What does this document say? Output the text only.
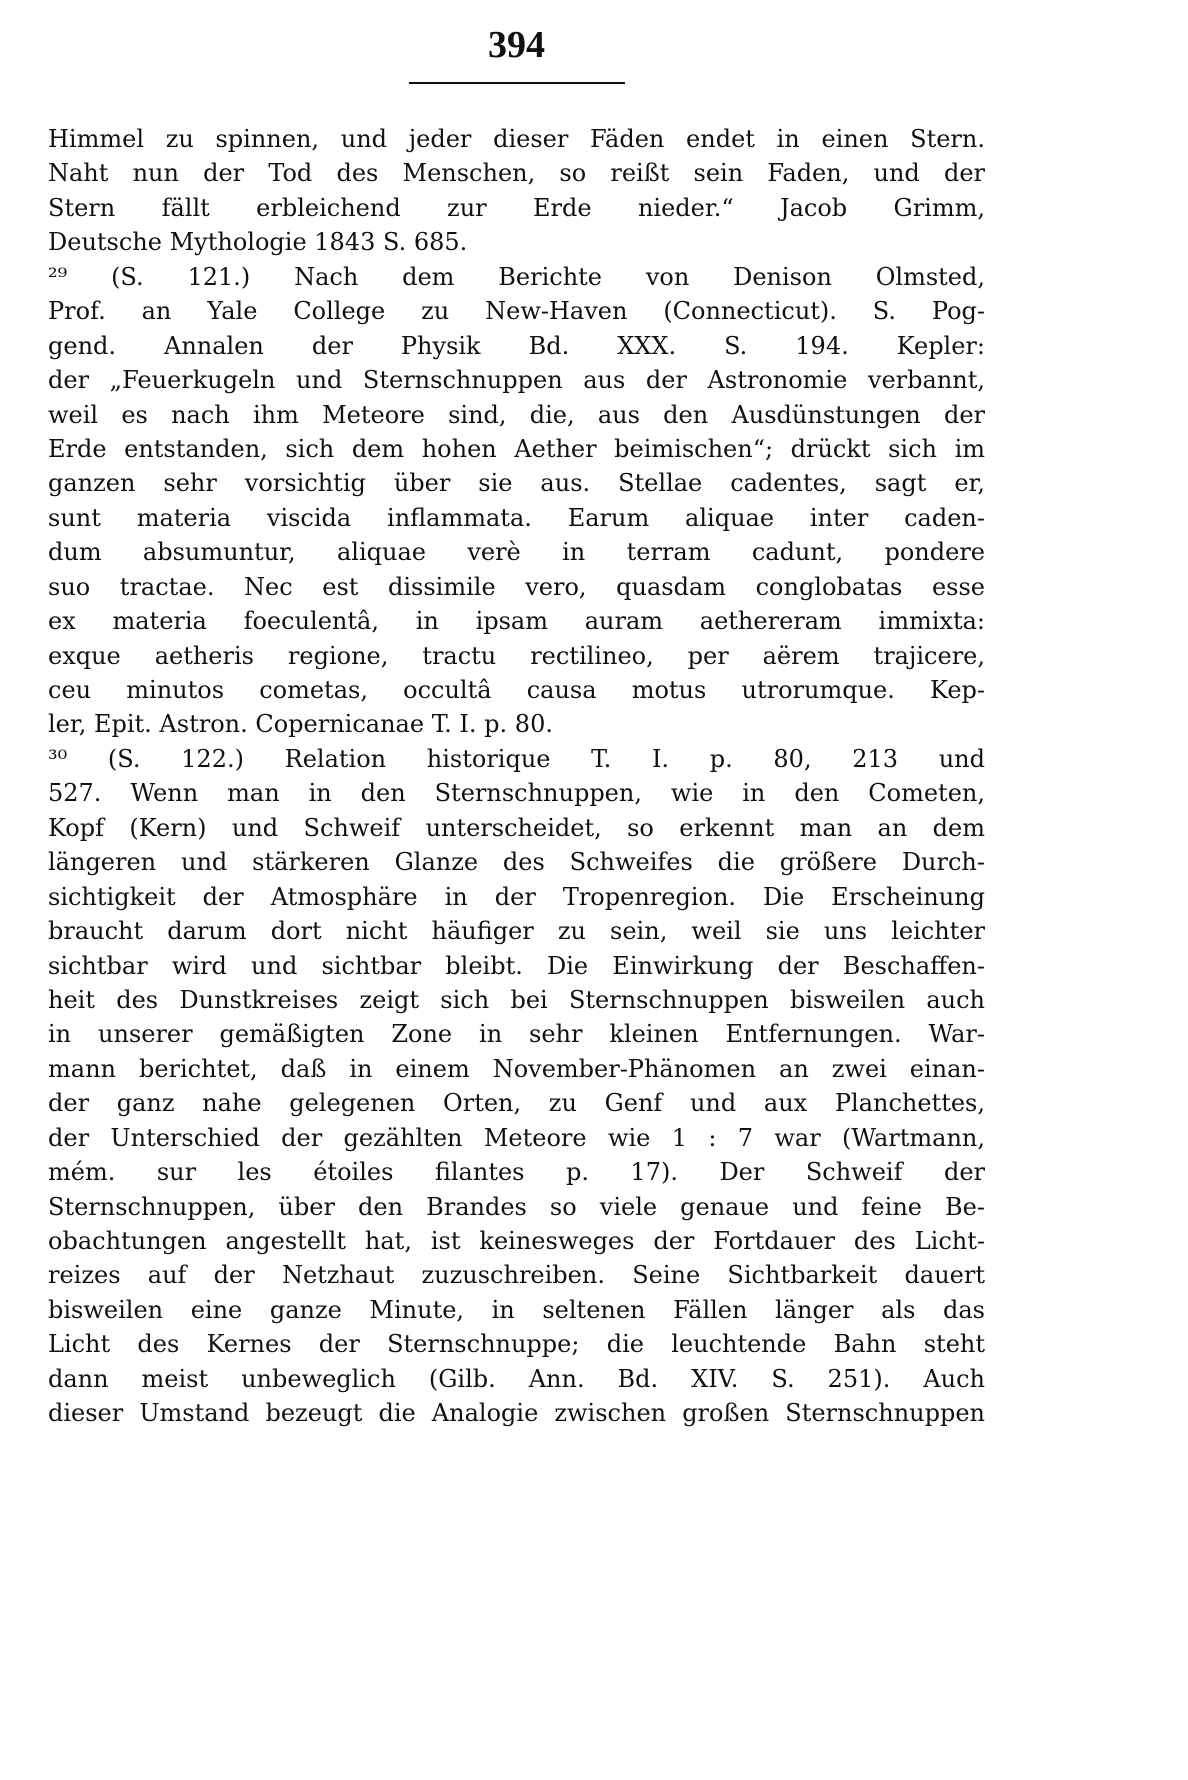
394
Himmel zu spinnen, und jeder dieser Fäden endet in einen Stern.
Naht nun der Tod des Menschen, so reißt sein Faden, und der
Stern fällt erbleichend zur Erde nieder.“ Jacob Grimm,
Deutsche Mythologie 1843 S. 685.
²⁹ (S. 121.) Nach dem Berichte von Denison Olmsted,
Prof. an Yale College zu New-Haven (Connecticut). S. Pog-
gend. Annalen der Physik Bd. XXX. S. 194. Kepler:
der „Feuerkugeln und Sternschnuppen aus der Astronomie verbannt,
weil es nach ihm Meteore sind, die, aus den Ausdünstungen der
Erde entstanden, sich dem hohen Aether beimischen“; drückt sich im
ganzen sehr vorsichtig über sie aus. Stellae cadentes, sagt er,
sunt materia viscida inflammata. Earum aliquae inter caden-
dum absumuntur, aliquae verè in terram cadunt, pondere
suo tractae. Nec est dissimile vero, quasdam conglobatas esse
ex materia foeculentâ, in ipsam auram aethereram immixta:
exque aetheris regione, tractu rectilineo, per aërem trajicere,
ceu minutos cometas, occultâ causa motus utrorumque. Kep-
ler, Epit. Astron. Copernicanae T. I. p. 80.
³⁰ (S. 122.) Relation historique T. I. p. 80, 213 und
527. Wenn man in den Sternschnuppen, wie in den Cometen,
Kopf (Kern) und Schweif unterscheidet, so erkennt man an dem
längeren und stärkeren Glanze des Schweifes die größere Durch-
sichtigkeit der Atmosphäre in der Tropenregion. Die Erscheinung
braucht darum dort nicht häufiger zu sein, weil sie uns leichter
sichtbar wird und sichtbar bleibt. Die Einwirkung der Beschaffen-
heit des Dunstkreises zeigt sich bei Sternschnuppen bisweilen auch
in unserer gemäßigten Zone in sehr kleinen Entfernungen. War-
mann berichtet, daß in einem November-Phänomen an zwei einan-
der ganz nahe gelegenen Orten, zu Genf und aux Planchettes,
der Unterschied der gezählten Meteore wie 1 : 7 war (Wartmann,
mém. sur les étoiles filantes p. 17). Der Schweif der
Sternschnuppen, über den Brandes so viele genaue und feine Be-
obachtungen angestellt hat, ist keinesweges der Fortdauer des Licht-
reizes auf der Netzhaut zuzuschreiben. Seine Sichtbarkeit dauert
bisweilen eine ganze Minute, in seltenen Fällen länger als das
Licht des Kernes der Sternschnuppe; die leuchtende Bahn steht
dann meist unbeweglich (Gilb. Ann. Bd. XIV. S. 251). Auch
dieser Umstand bezeugt die Analogie zwischen großen Sternschnuppen
